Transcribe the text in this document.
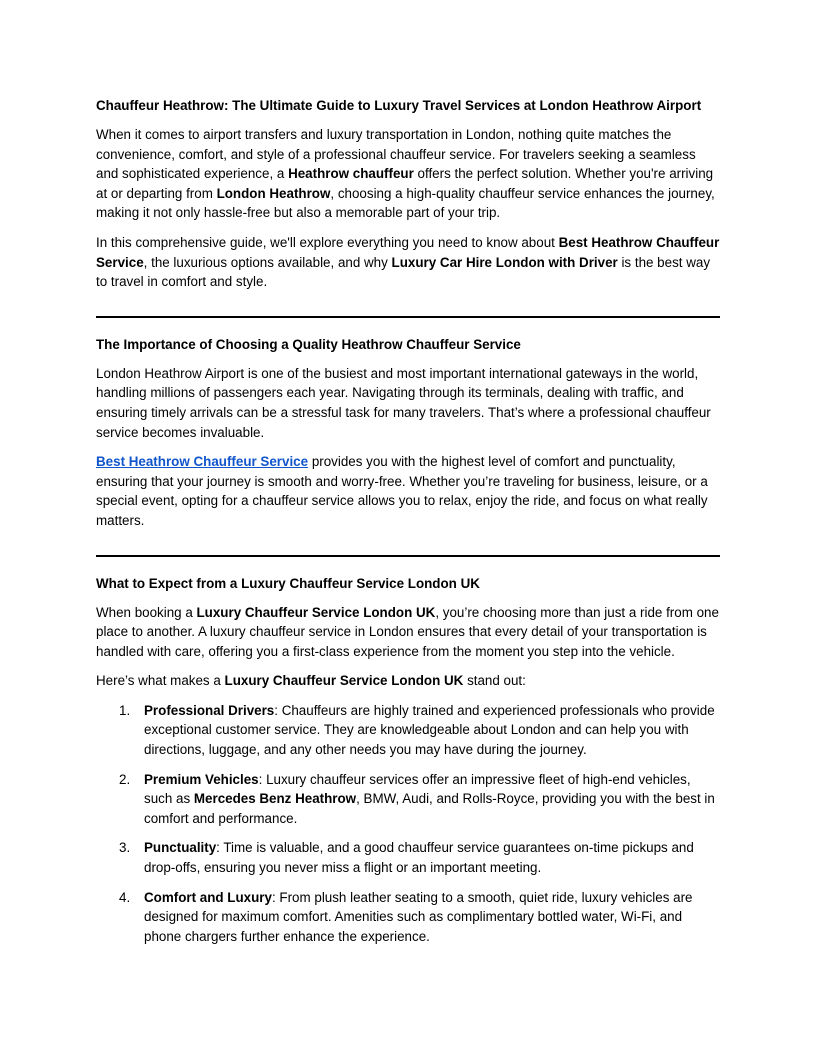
Chauffeur Heathrow: The Ultimate Guide to Luxury Travel Services at London Heathrow Airport

When it comes to airport transfers and luxury transportation in London, nothing quite matches the convenience, comfort, and style of a professional chauffeur service. For travelers seeking a seamless and sophisticated experience, a Heathrow chauffeur offers the perfect solution. Whether you're arriving at or departing from London Heathrow, choosing a high-quality chauffeur service enhances the journey, making it not only hassle-free but also a memorable part of your trip.

In this comprehensive guide, we'll explore everything you need to know about Best Heathrow Chauffeur Service, the luxurious options available, and why Luxury Car Hire London with Driver is the best way to travel in comfort and style.

The Importance of Choosing a Quality Heathrow Chauffeur Service

London Heathrow Airport is one of the busiest and most important international gateways in the world, handling millions of passengers each year. Navigating through its terminals, dealing with traffic, and ensuring timely arrivals can be a stressful task for many travelers. That’s where a professional chauffeur service becomes invaluable.

Best Heathrow Chauffeur Service provides you with the highest level of comfort and punctuality, ensuring that your journey is smooth and worry-free. Whether you’re traveling for business, leisure, or a special event, opting for a chauffeur service allows you to relax, enjoy the ride, and focus on what really matters.

What to Expect from a Luxury Chauffeur Service London UK

When booking a Luxury Chauffeur Service London UK, you’re choosing more than just a ride from one place to another. A luxury chauffeur service in London ensures that every detail of your transportation is handled with care, offering you a first-class experience from the moment you step into the vehicle.

Here’s what makes a Luxury Chauffeur Service London UK stand out:

1. Professional Drivers: Chauffeurs are highly trained and experienced professionals who provide exceptional customer service. They are knowledgeable about London and can help you with directions, luggage, and any other needs you may have during the journey.
2. Premium Vehicles: Luxury chauffeur services offer an impressive fleet of high-end vehicles, such as Mercedes Benz Heathrow, BMW, Audi, and Rolls-Royce, providing you with the best in comfort and performance.
3. Punctuality: Time is valuable, and a good chauffeur service guarantees on-time pickups and drop-offs, ensuring you never miss a flight or an important meeting.
4. Comfort and Luxury: From plush leather seating to a smooth, quiet ride, luxury vehicles are designed for maximum comfort. Amenities such as complimentary bottled water, Wi-Fi, and phone chargers further enhance the experience.
